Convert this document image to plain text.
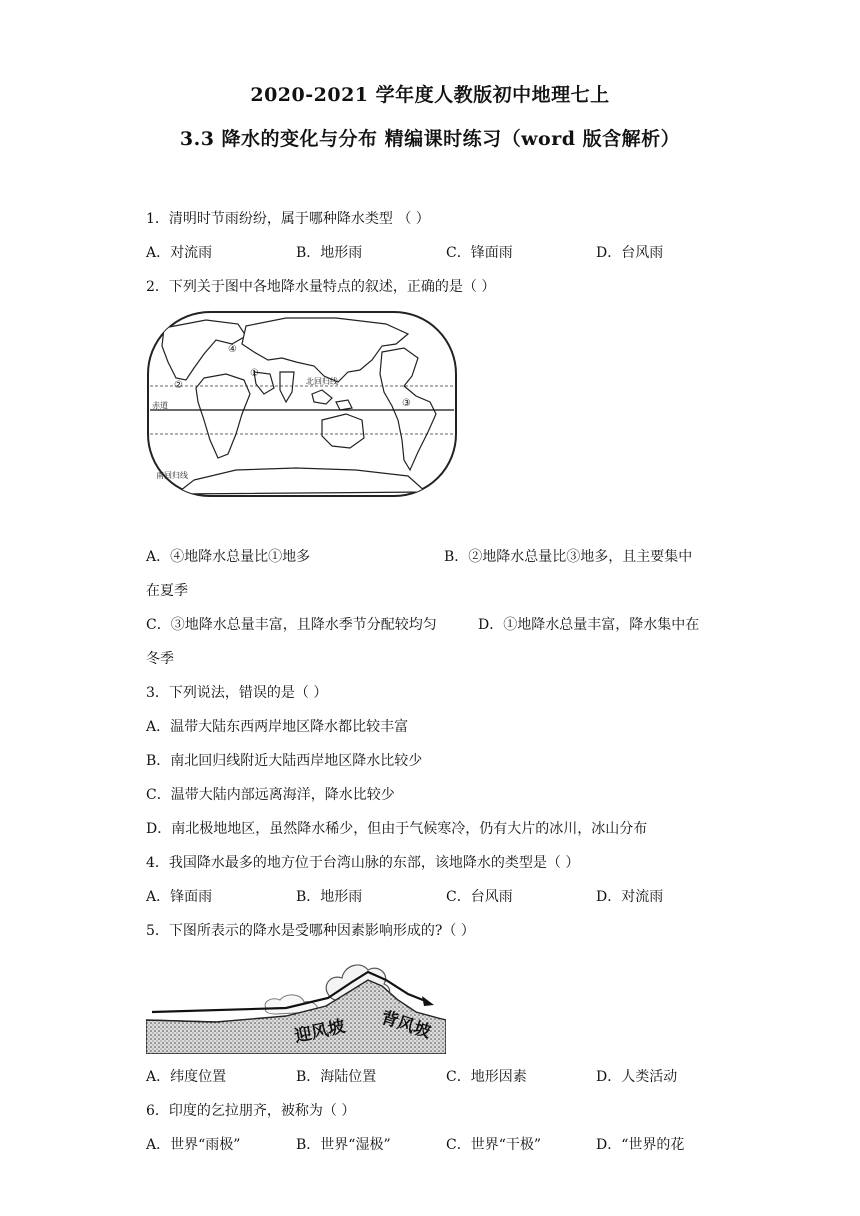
2020-2021 学年度人教版初中地理七上
3.3 降水的变化与分布 精编课时练习（word 版含解析）
1．清明时节雨纷纷，属于哪种降水类型 （ ）
A．对流雨	B．地形雨	C．锋面雨	D．台风雨
2．下列关于图中各地降水量特点的叙述，正确的是（ ）
北回归线
赤道
南回归线
①
②
③
④
A．④地降水总量比①地多	B．②地降水总量比③地多，且主要集中
在夏季
C．③地降水总量丰富，且降水季节分配较均匀	D．①地降水总量丰富，降水集中在
冬季
3．下列说法，错误的是（ ）
A．温带大陆东西两岸地区降水都比较丰富
B．南北回归线附近大陆西岸地区降水比较少
C．温带大陆内部远离海洋，降水比较少
D．南北极地地区，虽然降水稀少，但由于气候寒冷，仍有大片的冰川，冰山分布
4．我国降水最多的地方位于台湾山脉的东部，该地降水的类型是（ ）
A．锋面雨	B．地形雨	C．台风雨	D．对流雨
5．下图所表示的降水是受哪种因素影响形成的?（ ）
迎风坡 背风坡
A．纬度位置	B．海陆位置	C．地形因素	D．人类活动
6．印度的乞拉朋齐，被称为（ ）
A．世界“雨极”	B．世界“湿极”	C．世界“干极”	D．“世界的花
